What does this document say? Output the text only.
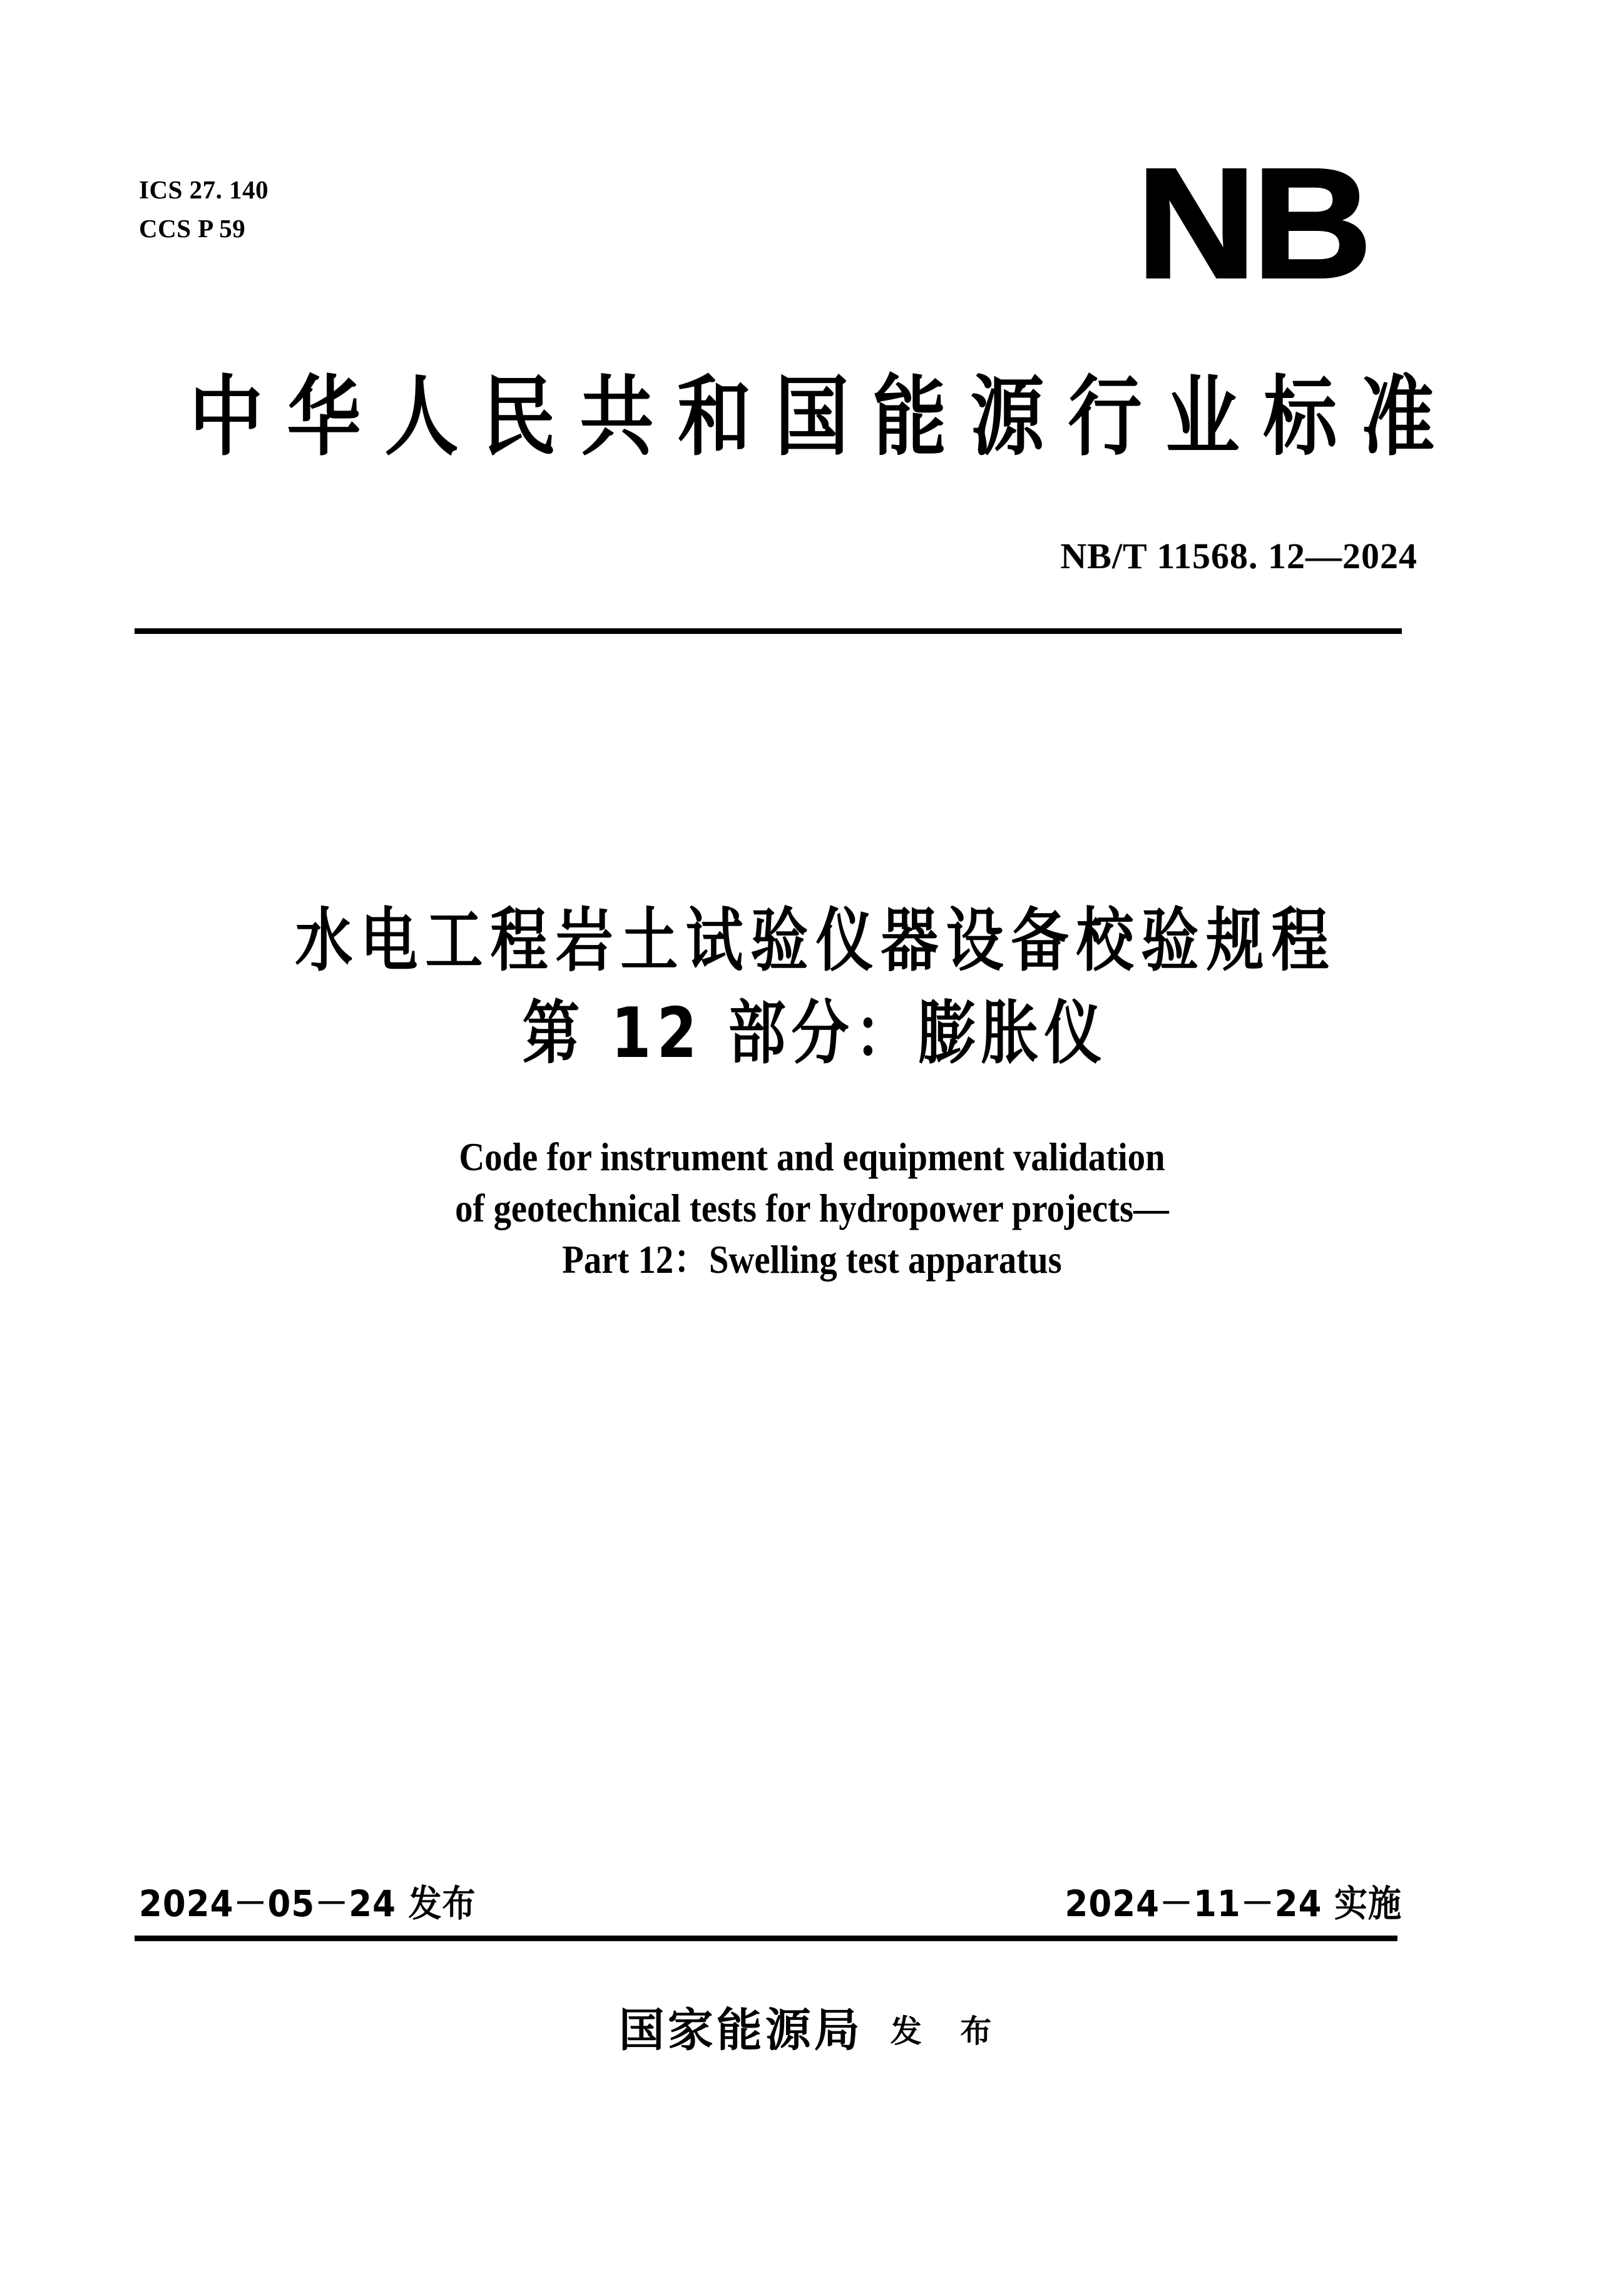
ICS 27. 140
CCS P 59	NB
中华人民共和国能源行业标准
NB/T 11568. 12—2024
水电工程岩土试验仪器设备校验规程
第 12 部分：膨胀仪
Code for instrument and equipment validation
of geotechnical tests for hydropower projects—
Part 12：Swelling test apparatus
2024－05－24 发布	2024－11－24 实施
国家能源局 发 布
